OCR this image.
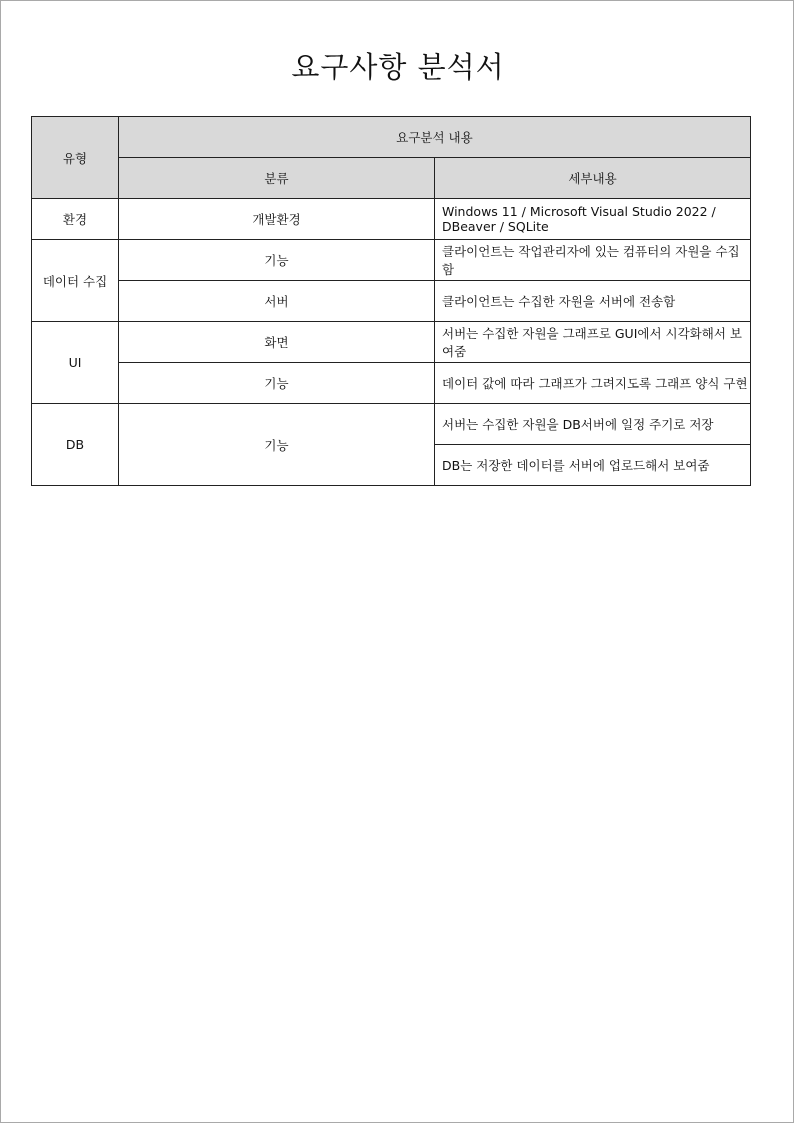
요구사항 분석서
유형	요구분석 내용	
	분류	세부내용
환경	개발환경	Windows 11 / Microsoft Visual Studio 2022 / DBeaver / SQLite
데이터 수집	기능	클라이언트는 작업관리자에 있는 컴퓨터의 자원을 수집함
	서버	클라이언트는 수집한 자원을 서버에 전송함
UI	화면	서버는 수집한 자원을 그래프로 GUI에서 시각화해서 보여줌
	기능	데이터 값에 따라 그래프가 그려지도록 그래프 양식 구현
DB	기능	서버는 수집한 자원을 DB서버에 일정 주기로 저장
		DB는 저장한 데이터를 서버에 업로드해서 보여줌
